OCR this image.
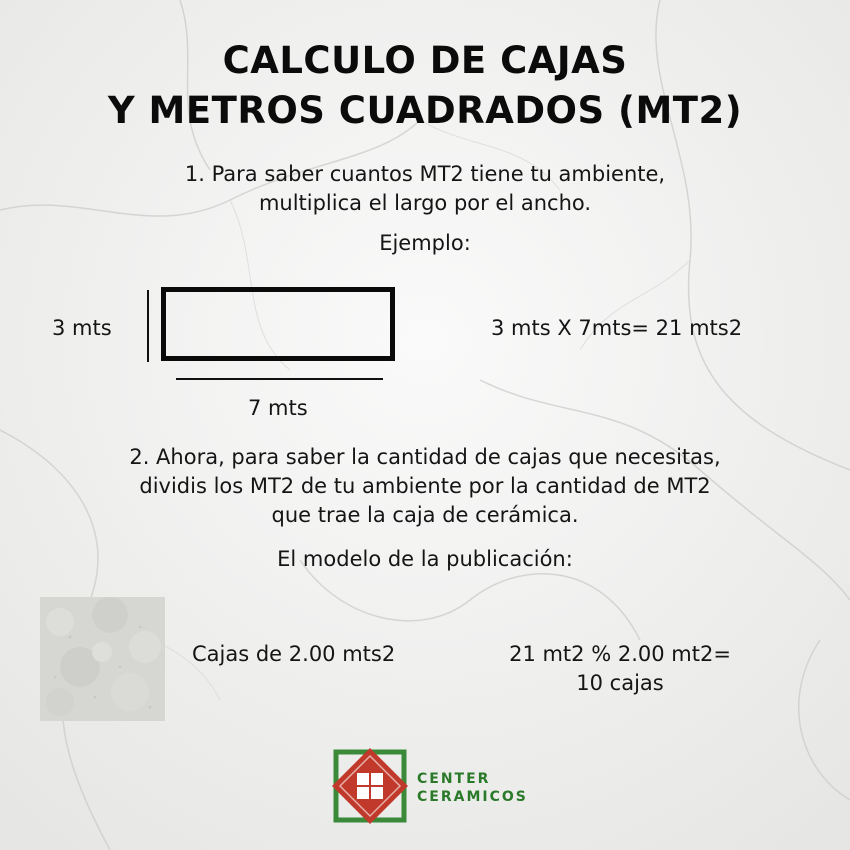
CALCULO DE CAJAS
Y METROS CUADRADOS (MT2)
1. Para saber cuantos MT2 tiene tu ambiente,
multiplica el largo por el ancho.
Ejemplo:
3 mts
7 mts
3 mts X 7mts= 21 mts2
2. Ahora, para saber la cantidad de cajas que necesitas,
dividis los MT2 de tu ambiente por la cantidad de MT2
que trae la caja de cerámica.
El modelo de la publicación:
Cajas de 2.00 mts2	21 mt2 % 2.00 mt2=
10 cajas
CENTER
CERAMICOS
